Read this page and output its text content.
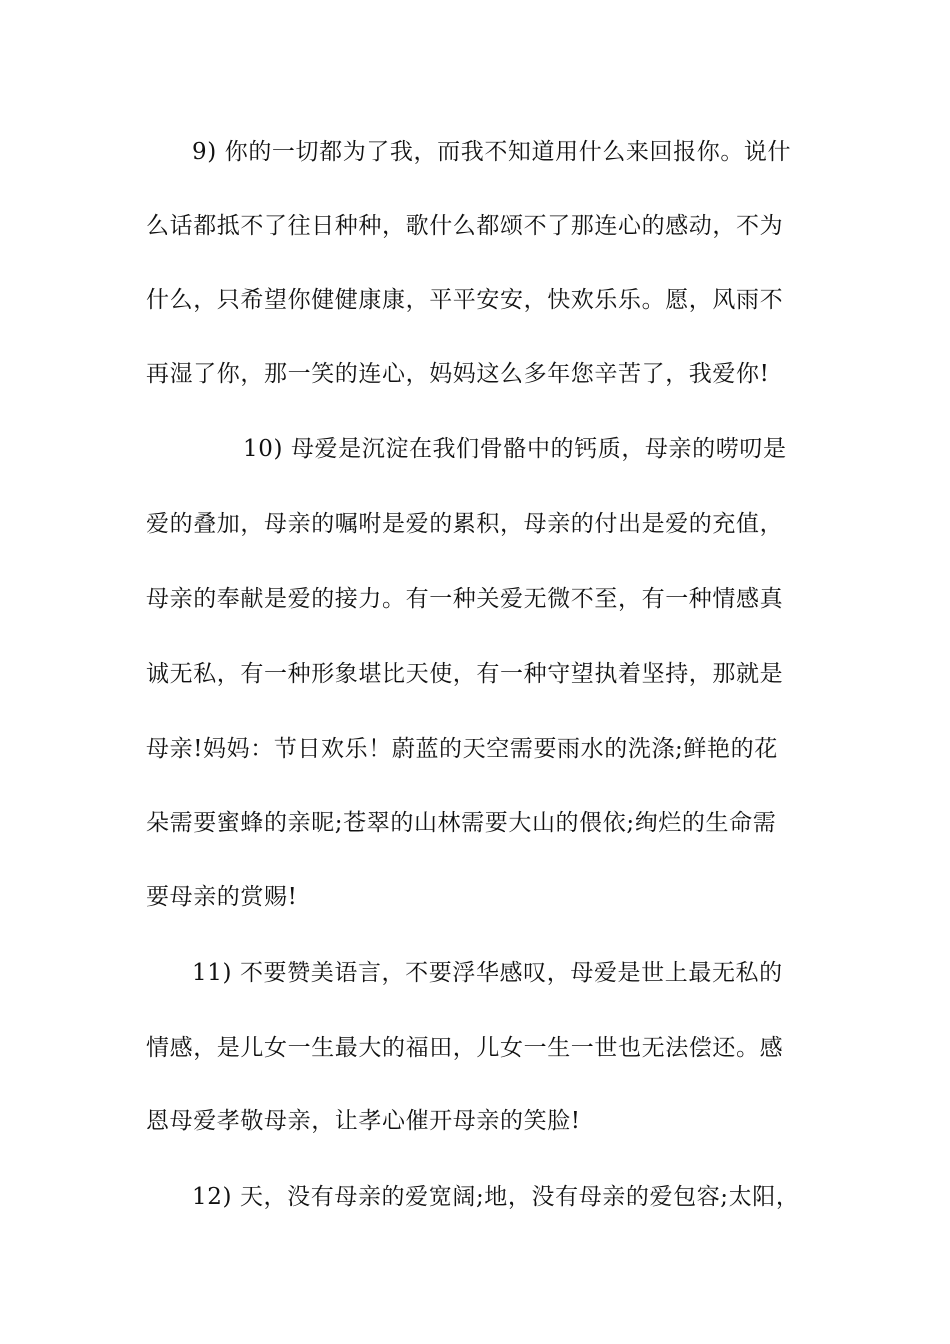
9) 你的一切都为了我，而我不知道用什么来回报你。说什
么话都抵不了往日种种，歌什么都颂不了那连心的感动，不为
什么，只希望你健健康康，平平安安，快欢乐乐。愿，风雨不
再湿了你，那一笑的连心，妈妈这么多年您辛苦了，我爱你!
10) 母爱是沉淀在我们骨骼中的钙质，母亲的唠叨是
爱的叠加，母亲的嘱咐是爱的累积，母亲的付出是爱的充值，
母亲的奉献是爱的接力。有一种关爱无微不至，有一种情感真
诚无私，有一种形象堪比天使，有一种守望执着坚持，那就是
母亲!妈妈：节日欢乐！蔚蓝的天空需要雨水的洗涤;鲜艳的花
朵需要蜜蜂的亲昵;苍翠的山林需要大山的偎依;绚烂的生命需
要母亲的赏赐!
11) 不要赞美语言，不要浮华感叹，母爱是世上最无私的
情感，是儿女一生最大的福田，儿女一生一世也无法偿还。感
恩母爱孝敬母亲，让孝心催开母亲的笑脸!
12) 天，没有母亲的爱宽阔;地，没有母亲的爱包容;太阳，
